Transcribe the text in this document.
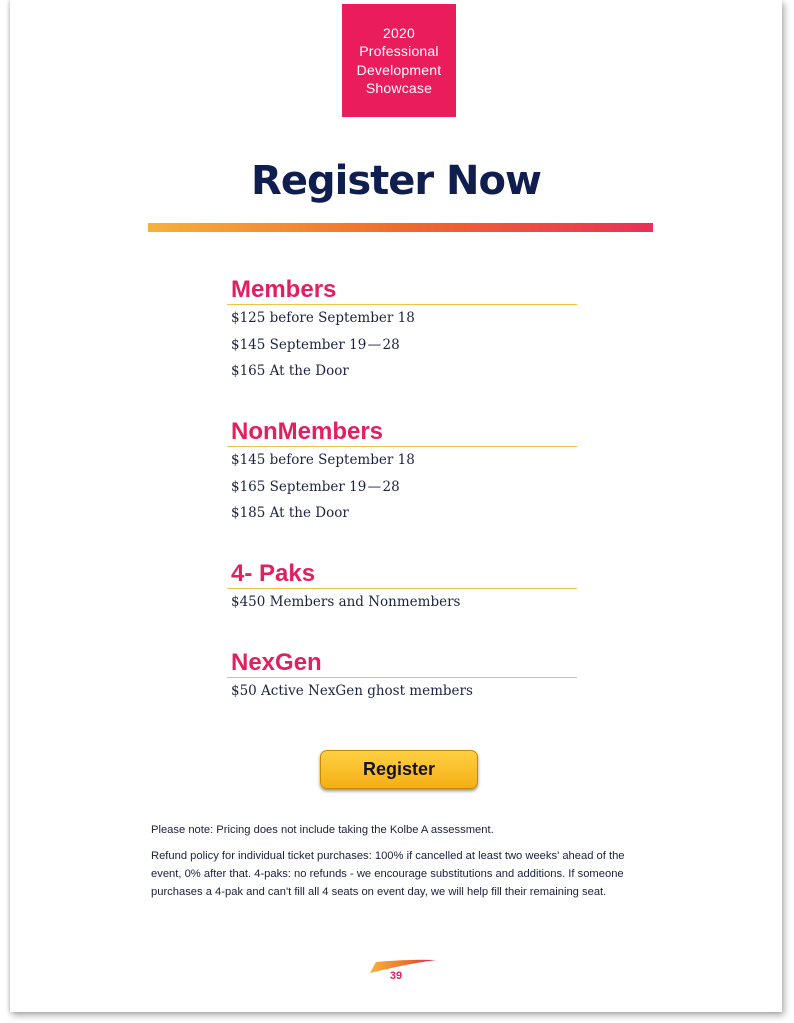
2020
Professional
Development
Showcase
Register Now
Members
$125 before September 18
$145 September 19 — 28
$165 At the Door
NonMembers
$145 before September 18
$165 September 19 — 28
$185 At the Door
4- Paks
$450 Members and Nonmembers
NexGen
$50 Active NexGen ghost members
Register
Please note: Pricing does not include taking the Kolbe A assessment.
Refund policy for individual ticket purchases: 100% if cancelled at least two weeks' ahead of the event, 0% after that. 4-paks: no refunds - we encourage substitutions and additions. If someone purchases a 4-pak and can't fill all 4 seats on event day, we will help fill their remaining seat.
39
